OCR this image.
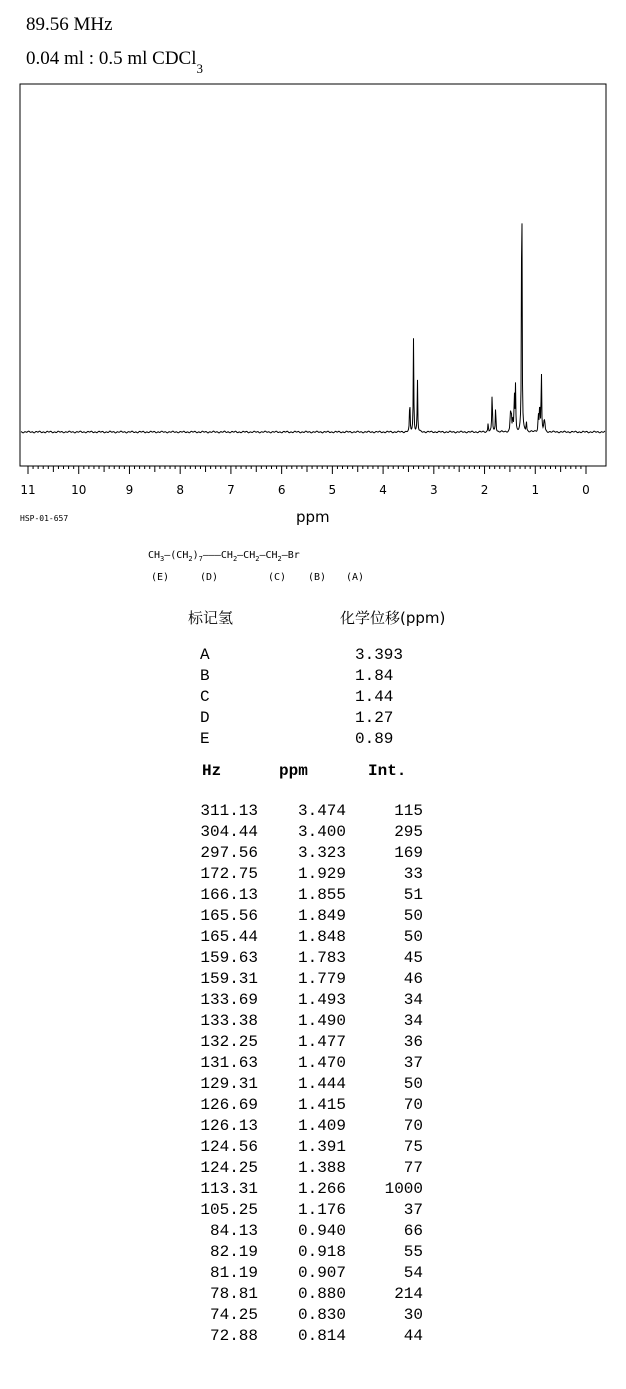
89.56 MHz
0.04 ml : 0.5 ml CDCl$_3$
11	10	9	8	7	6	5	4	3	2	1	0
HSP-01-657	ppm
$CH_3—(CH_2)_7———CH_2—CH_2—CH_2—Br$
(E)	(D)	(C) (B) (A)
标记氢	化学位移(ppm)
A	3.393
B	1.84
C	1.44
D	1.27
E	0.89
Hz	ppm	Int.
311.13	3.474	115
304.44	3.400	295
297.56	3.323	169
172.75	1.929	33
166.13	1.855	51
165.56	1.849	50
165.44	1.848	50
159.63	1.783	45
159.31	1.779	46
133.69	1.493	34
133.38	1.490	34
132.25	1.477	36
131.63	1.470	37
129.31	1.444	50
126.69	1.415	70
126.13	1.409	70
124.56	1.391	75
124.25	1.388	77
113.31	1.266	1000
105.25	1.176	37
84.13	0.940	66
82.19	0.918	55
81.19	0.907	54
78.81	0.880	214
74.25	0.830	30
72.88	0.814	44
